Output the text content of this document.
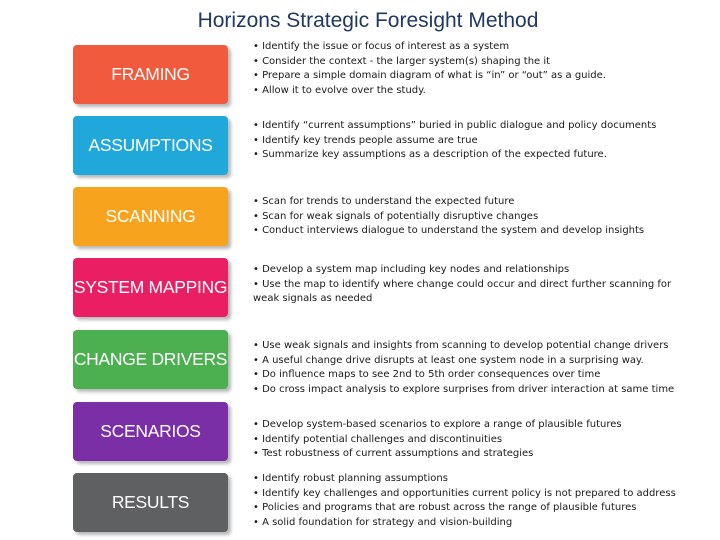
Horizons Strategic Foresight Method
FRAMING
ASSUMPTIONS
SCANNING
SYSTEM MAPPING
CHANGE DRIVERS
SCENARIOS
RESULTS
• Identify the issue or focus of interest as a system
• Consider the context - the larger system(s) shaping the it
• Prepare a simple domain diagram of what is “in” or “out” as a guide.
• Allow it to evolve over the study.
• Identify “current assumptions” buried in public dialogue and policy documents
• Identify key trends people assume are true
• Summarize key assumptions as a description of the expected future.
• Scan for trends to understand the expected future
• Scan for weak signals of potentially disruptive changes
• Conduct interviews dialogue to understand the system and develop insights
• Develop a system map including key nodes and relationships
• Use the map to identify where change could occur and direct further scanning for weak signals as needed
• Use weak signals and insights from scanning to develop potential change drivers
• A useful change drive disrupts at least one system node in a surprising way.
• Do influence maps to see 2nd to 5th order consequences over time
• Do cross impact analysis to explore surprises from driver interaction at same time
• Develop system-based scenarios to explore a range of plausible futures
• Identify potential challenges and discontinuities
• Test robustness of current assumptions and strategies
• Identify robust planning assumptions
• Identify key challenges and opportunities current policy is not prepared to address
• Policies and programs that are robust across the range of plausible futures
• A solid foundation for strategy and vision-building
